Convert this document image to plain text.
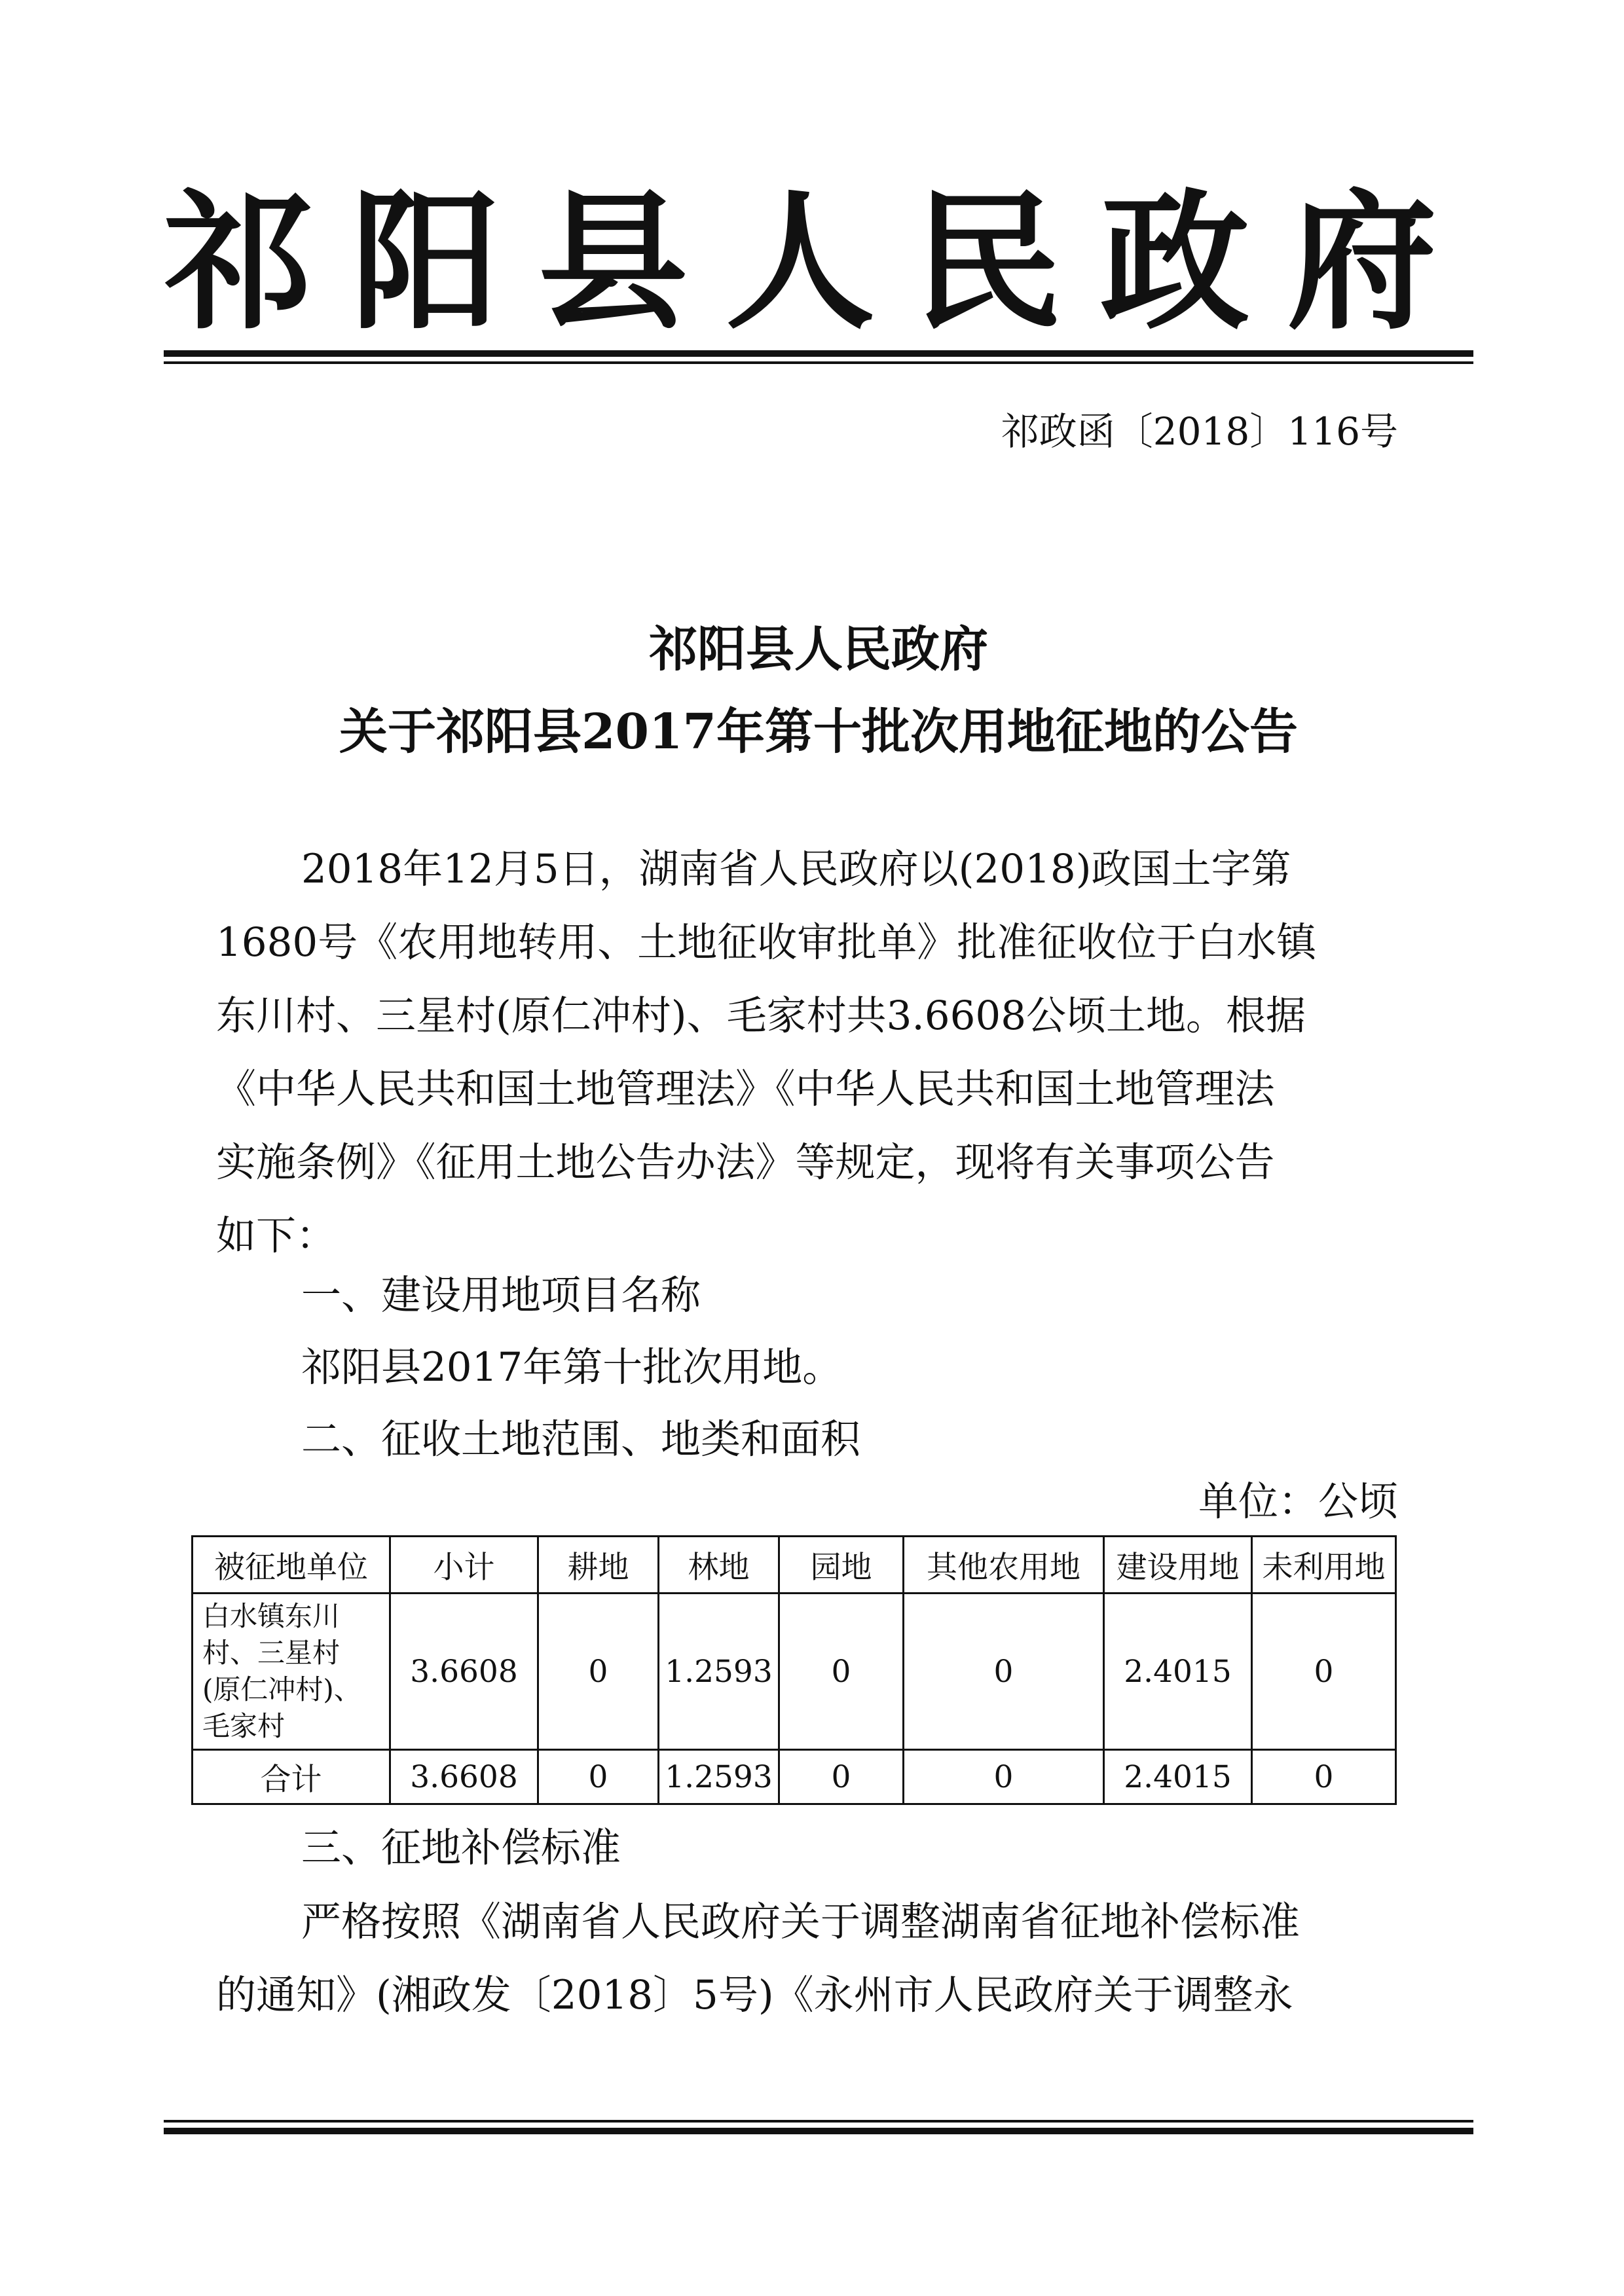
祁阳县人民政府
祁政函〔2018〕116号
祁阳县人民政府
关于祁阳县2017年第十批次用地征地的公告
2018年12月5日，湖南省人民政府以(2018)政国土字第
1680号《农用地转用、土地征收审批单》批准征收位于白水镇
东川村、三星村(原仁冲村)、毛家村共3.6608公顷土地。根据
《中华人民共和国土地管理法》《中华人民共和国土地管理法
实施条例》《征用土地公告办法》等规定，现将有关事项公告
如下：
一、建设用地项目名称
祁阳县2017年第十批次用地。
二、征收土地范围、地类和面积
单位：公顷
被征地单位	小计	耕地	林地	园地	其他农用地	建设用地	未利用地

白水镇东川
村、三星村
(原仁冲村)、
毛家村	3.6608	0	1.2593	0	0	2.4015	0
合计	3.6608	0	1.2593	0	0	2.4015	0
三、征地补偿标准
严格按照《湖南省人民政府关于调整湖南省征地补偿标准
的通知》(湘政发〔2018〕5号)《永州市人民政府关于调整永
